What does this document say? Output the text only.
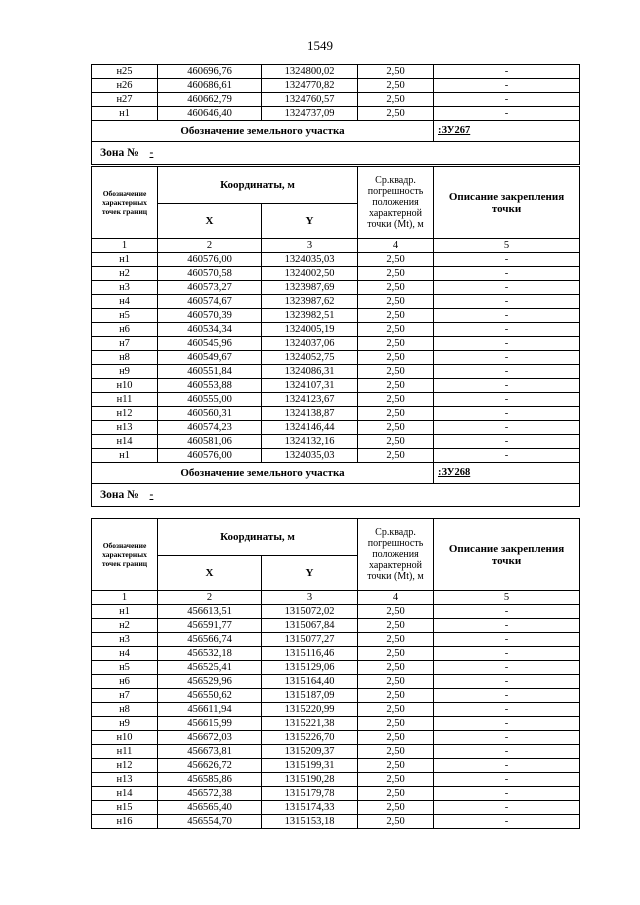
1549
н25	460696,76	1324800,02	2,50	-
н26	460686,61	1324770,82	2,50	-
н27	460662,79	1324760,57	2,50	-
н1	460646,40	1324737,09	2,50	-
Обозначение земельного участка				:ЗУ267
Зона № -				
Обозначение характерных точек границ	Координаты, м		Ср.квадр. погрешность положения характерной точки (Mt), м	Описание закрепления точки
	X	Y		
1	2	3	4	5
н1	460576,00	1324035,03	2,50	-
н2	460570,58	1324002,50	2,50	-
н3	460573,27	1323987,69	2,50	-
н4	460574,67	1323987,62	2,50	-
н5	460570,39	1323982,51	2,50	-
н6	460534,34	1324005,19	2,50	-
н7	460545,96	1324037,06	2,50	-
н8	460549,67	1324052,75	2,50	-
н9	460551,84	1324086,31	2,50	-
н10	460553,88	1324107,31	2,50	-
н11	460555,00	1324123,67	2,50	-
н12	460560,31	1324138,87	2,50	-
н13	460574,23	1324146,44	2,50	-
н14	460581,06	1324132,16	2,50	-
н1	460576,00	1324035,03	2,50	-
Обозначение земельного участка				:ЗУ268
Зона № -				
Обозначение характерных точек границ	Координаты, м		Ср.квадр. погрешность положения характерной точки (Mt), м	Описание закрепления точки
	X	Y		
1	2	3	4	5
н1	456613,51	1315072,02	2,50	-
н2	456591,77	1315067,84	2,50	-
н3	456566,74	1315077,27	2,50	-
н4	456532,18	1315116,46	2,50	-
н5	456525,41	1315129,06	2,50	-
н6	456529,96	1315164,40	2,50	-
н7	456550,62	1315187,09	2,50	-
н8	456611,94	1315220,99	2,50	-
н9	456615,99	1315221,38	2,50	-
н10	456672,03	1315226,70	2,50	-
н11	456673,81	1315209,37	2,50	-
н12	456626,72	1315199,31	2,50	-
н13	456585,86	1315190,28	2,50	-
н14	456572,38	1315179,78	2,50	-
н15	456565,40	1315174,33	2,50	-
н16	456554,70	1315153,18	2,50	-
